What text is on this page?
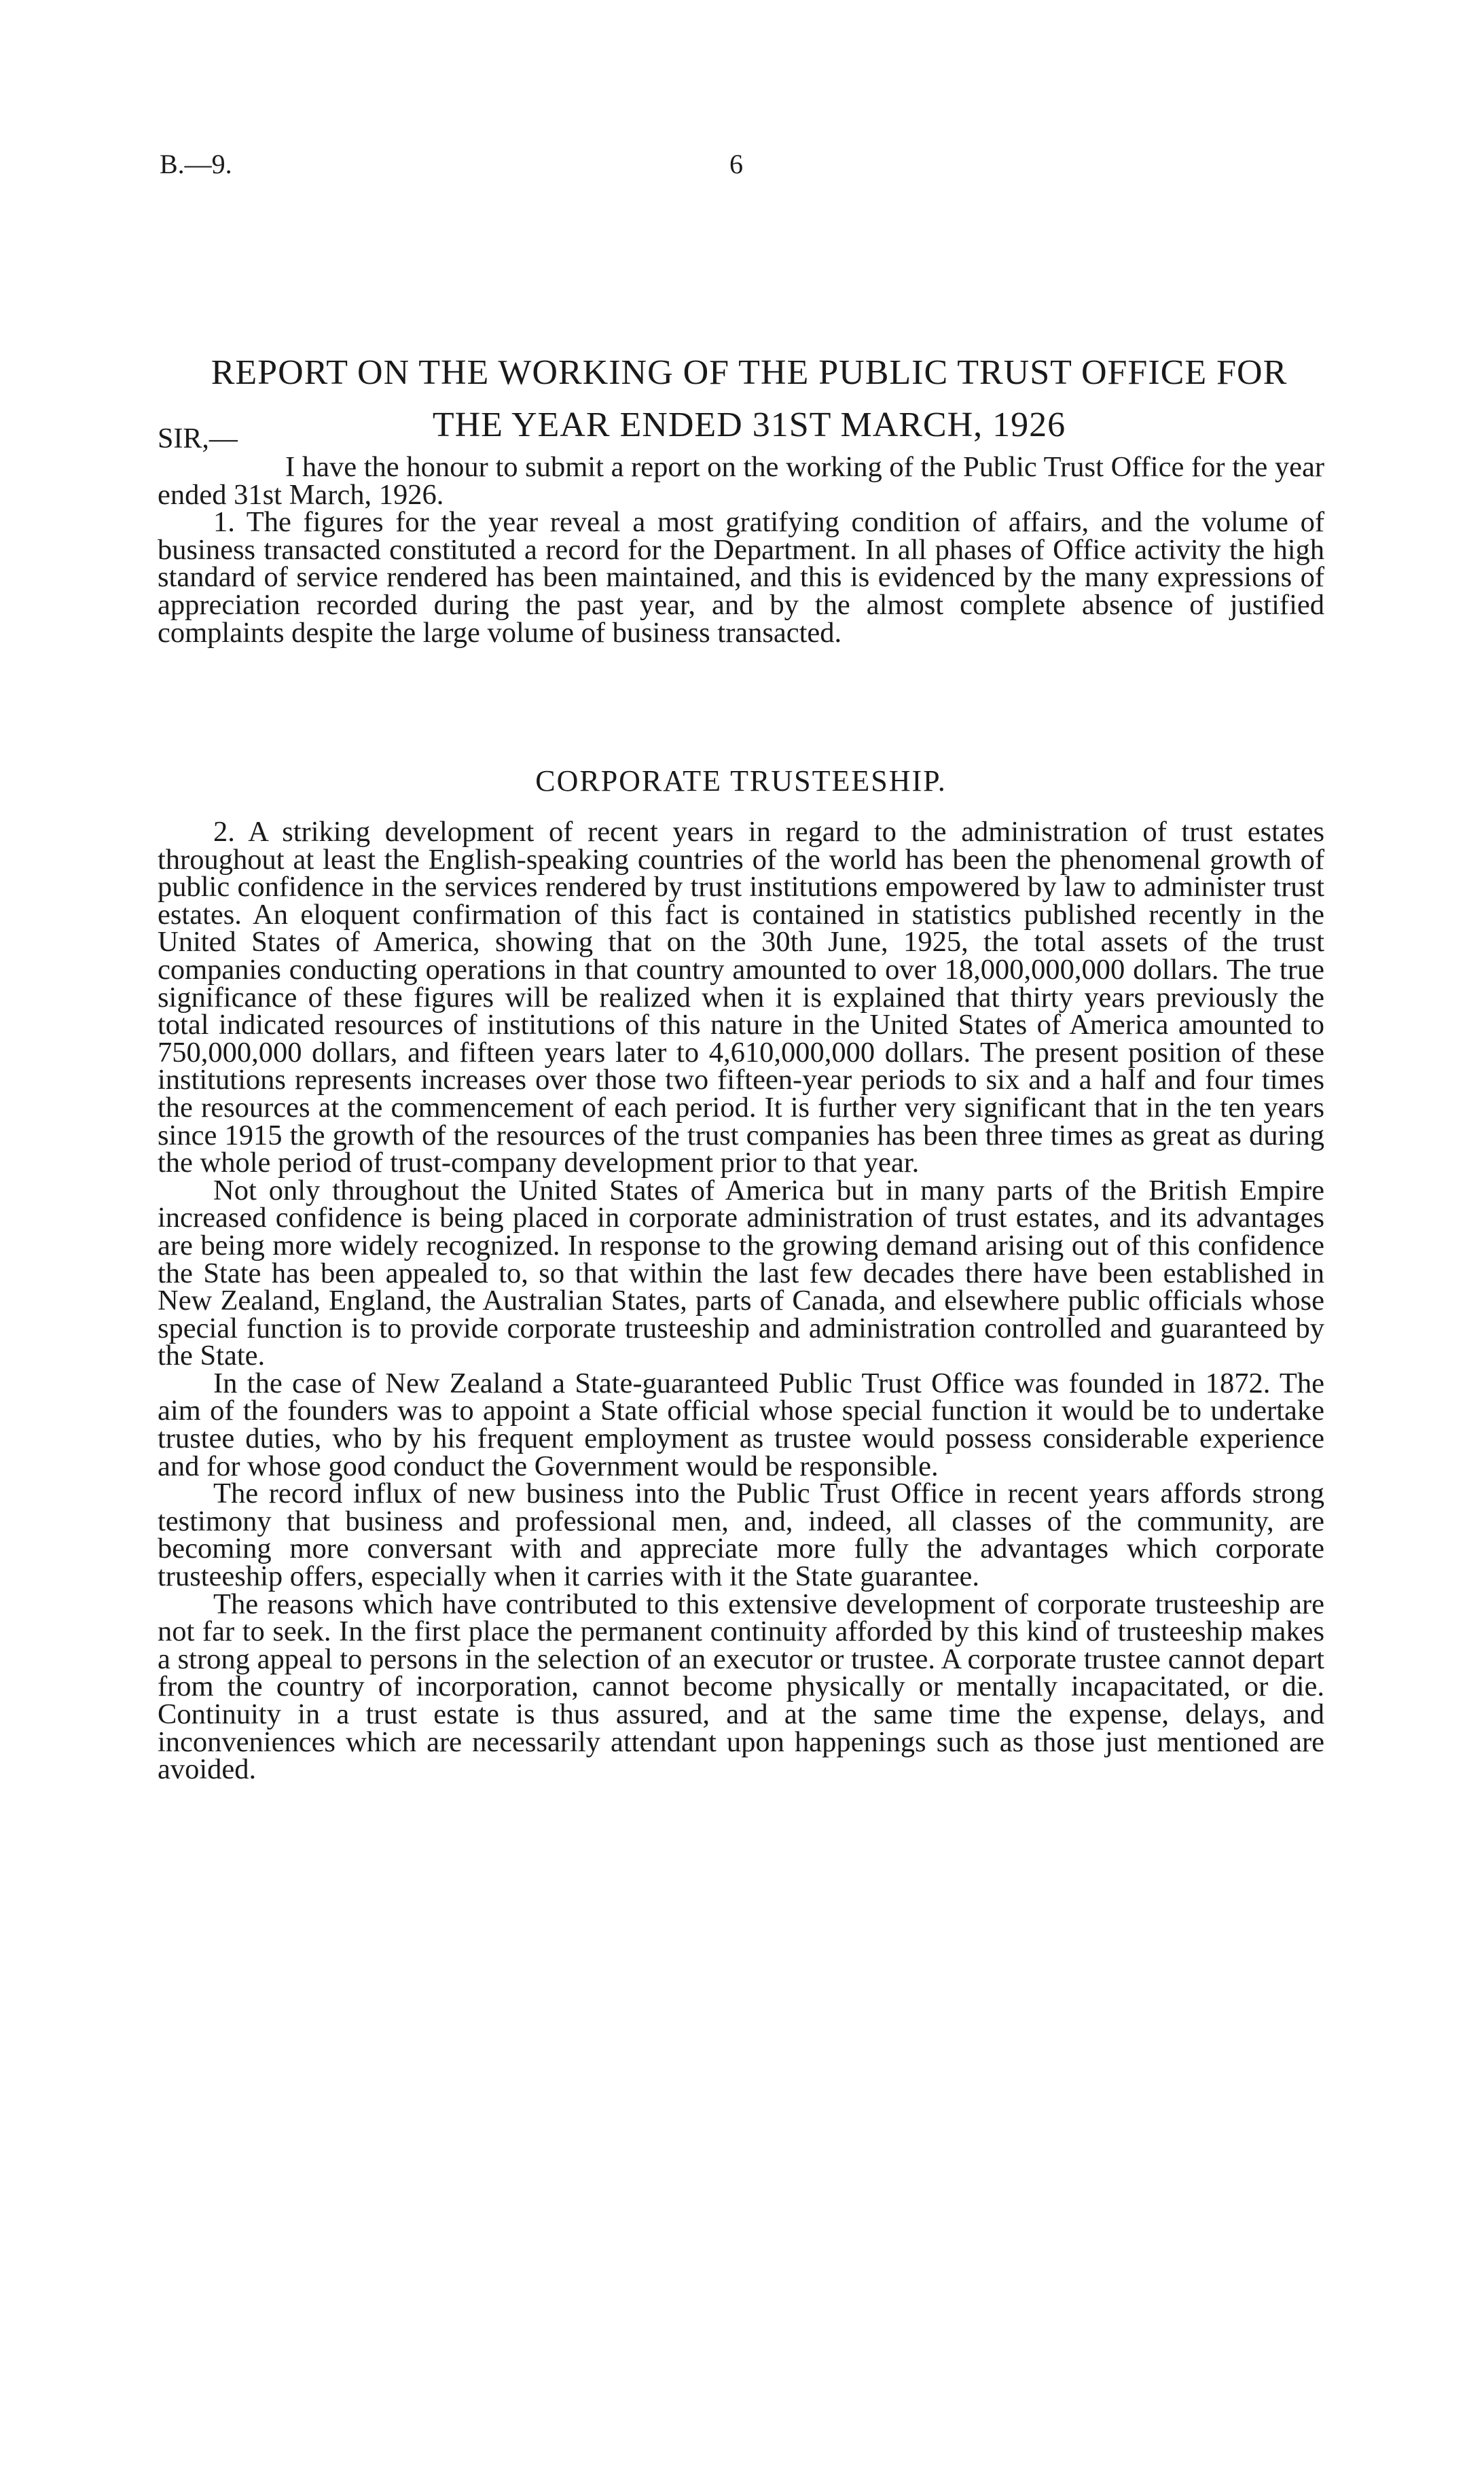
B.—9.	6
REPORT ON THE WORKING OF THE PUBLIC TRUST OFFICE FOR THE YEAR ENDED 31ST MARCH, 1926
SIR,—

I have the honour to submit a report on the working of the Public Trust Office for the year ended 31st March, 1926.

1. The figures for the year reveal a most gratifying condition of affairs, and the volume of business transacted constituted a record for the Department. In all phases of Office activity the high standard of service rendered has been maintained, and this is evidenced by the many expressions of appreciation recorded during the past year, and by the almost complete absence of justified complaints despite the large volume of business transacted.

CORPORATE TRUSTEESHIP.

2. A striking development of recent years in regard to the administration of trust estates throughout at least the English-speaking countries of the world has been the phenomenal growth of public confidence in the services rendered by trust institutions empowered by law to administer trust estates. An eloquent confirmation of this fact is contained in statistics published recently in the United States of America, showing that on the 30th June, 1925, the total assets of the trust companies conducting operations in that country amounted to over 18,000,000,000 dollars. The true significance of these figures will be realized when it is explained that thirty years previously the total indicated resources of institutions of this nature in the United States of America amounted to 750,000,000 dollars, and fifteen years later to 4,610,000,000 dollars. The present position of these institutions represents increases over those two fifteen-year periods to six and a half and four times the resources at the commencement of each period. It is further very significant that in the ten years since 1915 the growth of the resources of the trust companies has been three times as great as during the whole period of trust-company development prior to that year.

Not only throughout the United States of America but in many parts of the British Empire increased confidence is being placed in corporate administration of trust estates, and its advantages are being more widely recognized. In response to the growing demand arising out of this confidence the State has been appealed to, so that within the last few decades there have been established in New Zealand, England, the Australian States, parts of Canada, and elsewhere public officials whose special function is to provide corporate trusteeship and administration controlled and guaranteed by the State.

In the case of New Zealand a State-guaranteed Public Trust Office was founded in 1872. The aim of the founders was to appoint a State official whose special function it would be to undertake trustee duties, who by his frequent employment as trustee would possess considerable experience and for whose good conduct the Government would be responsible.

The record influx of new business into the Public Trust Office in recent years affords strong testimony that business and professional men, and, indeed, all classes of the community, are becoming more conversant with and appreciate more fully the advantages which corporate trusteeship offers, especially when it carries with it the State guarantee.

The reasons which have contributed to this extensive development of corporate trusteeship are not far to seek. In the first place the permanent continuity afforded by this kind of trusteeship makes a strong appeal to persons in the selection of an executor or trustee. A corporate trustee cannot depart from the country of incorporation, cannot become physically or mentally incapacitated, or die. Continuity in a trust estate is thus assured, and at the same time the expense, delays, and inconveniences which are necessarily attendant upon happenings such as those just mentioned are avoided.
